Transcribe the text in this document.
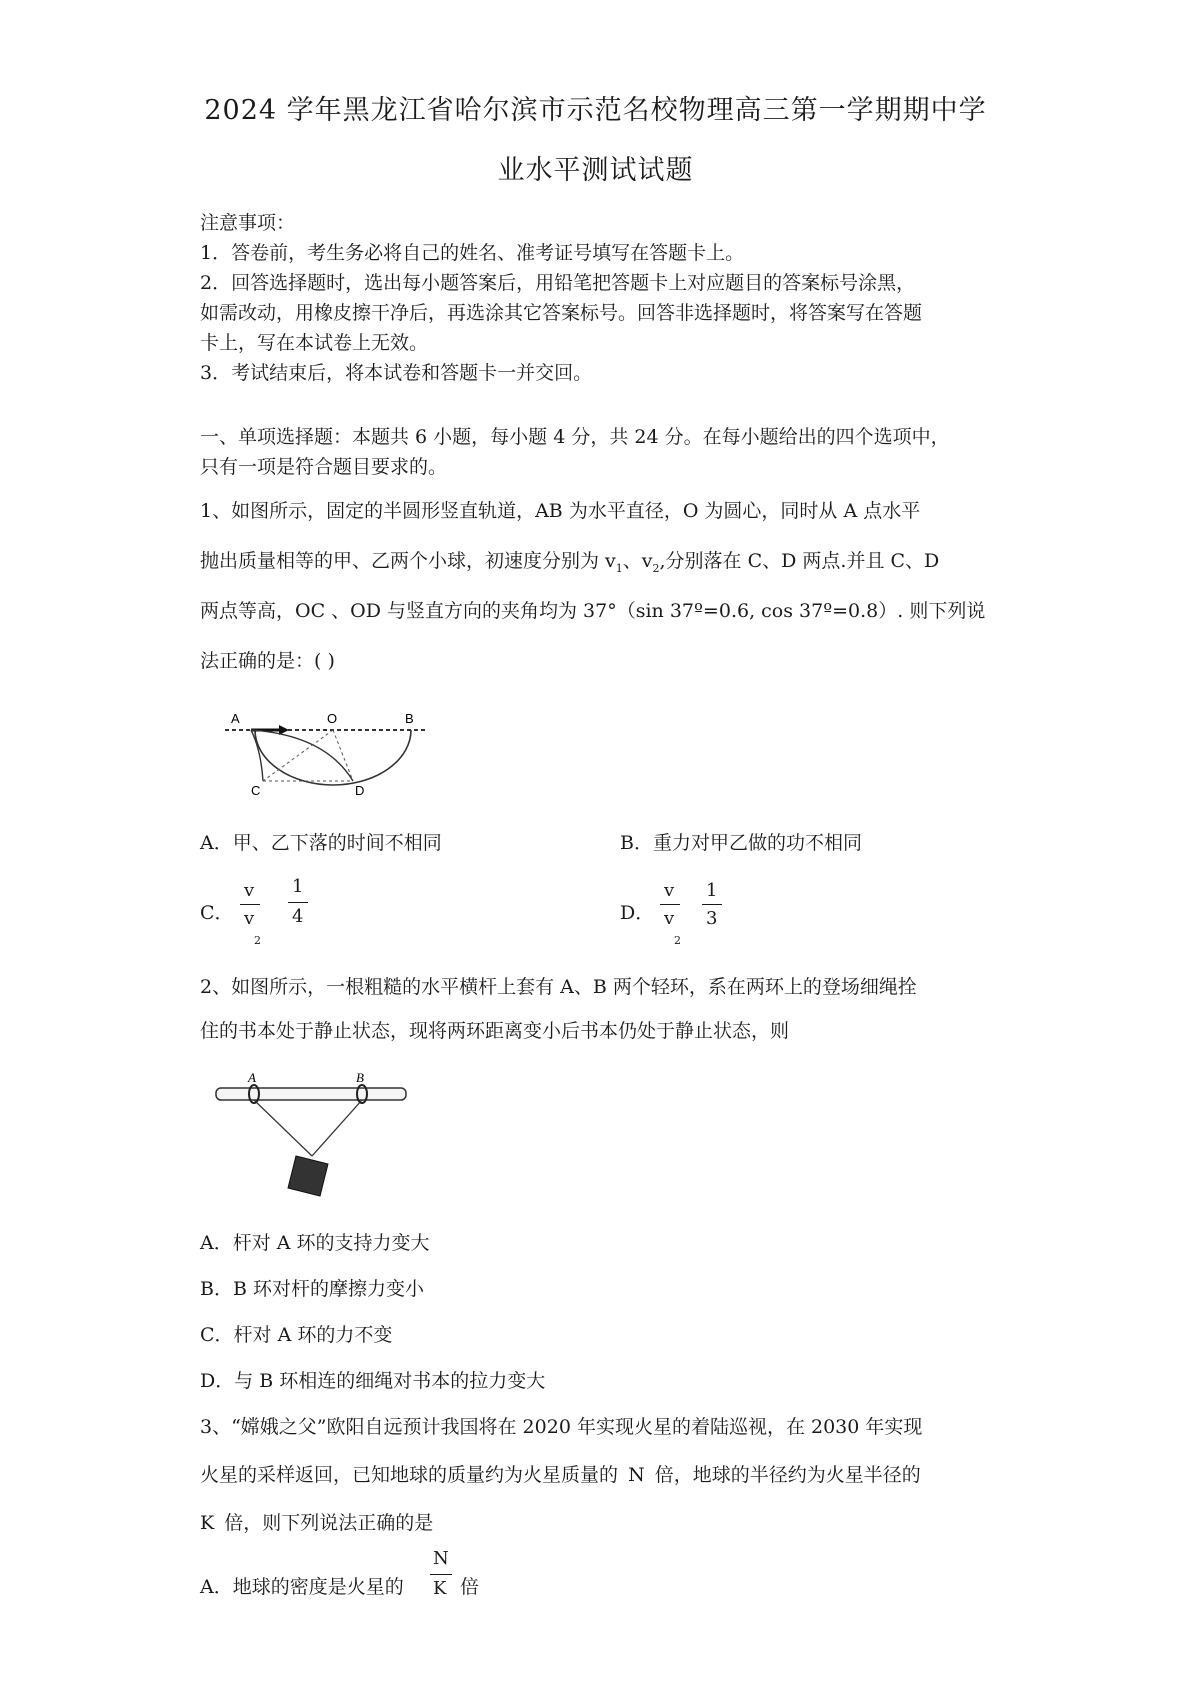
2024 学年黑龙江省哈尔滨市示范名校物理高三第一学期期中学
业水平测试试题
注意事项：
1．答卷前，考生务必将自己的姓名、准考证号填写在答题卡上。
2．回答选择题时，选出每小题答案后，用铅笔把答题卡上对应题目的答案标号涂黑，
如需改动，用橡皮擦干净后，再选涂其它答案标号。回答非选择题时，将答案写在答题
卡上，写在本试卷上无效。
3．考试结束后，将本试卷和答题卡一并交回。
一、单项选择题：本题共 6 小题，每小题 4 分，共 24 分。在每小题给出的四个选项中，
只有一项是符合题目要求的。
1、如图所示，固定的半圆形竖直轨道，AB 为水平直径，O 为圆心，同时从 A 点水平
抛出质量相等的甲、乙两个小球，初速度分别为 $v_1$、$v_2$,分别落在 C、D 两点.并且 C、D
两点等高，OC 、OD 与竖直方向的夹角均为 37°（sin 37º=0.6, cos 37º=0.8）. 则下列说
法正确的是：( )
A	O	B
C	D
A．甲、乙下落的时间不相同	B．重力对甲乙做的功不相同
C．
v
v
2
1
4	D．
v
v
2
1
3
2、如图所示，一根粗糙的水平横杆上套有 A、B 两个轻环，系在两环上的登场细绳拴
住的书本处于静止状态，现将两环距离变小后书本仍处于静止状态，则
A	B
A．杆对 A 环的支持力变大
B．B 环对杆的摩擦力变小
C．杆对 A 环的力不变
D．与 B 环相连的细绳对书本的拉力变大
3、“嫦娥之父”欧阳自远预计我国将在 2020 年实现火星的着陆巡视，在 2030 年实现
火星的采样返回，已知地球的质量约为火星质量的 N 倍，地球的半径约为火星半径的
K 倍，则下列说法正确的是
A．地球的密度是火星的
N
K 倍
